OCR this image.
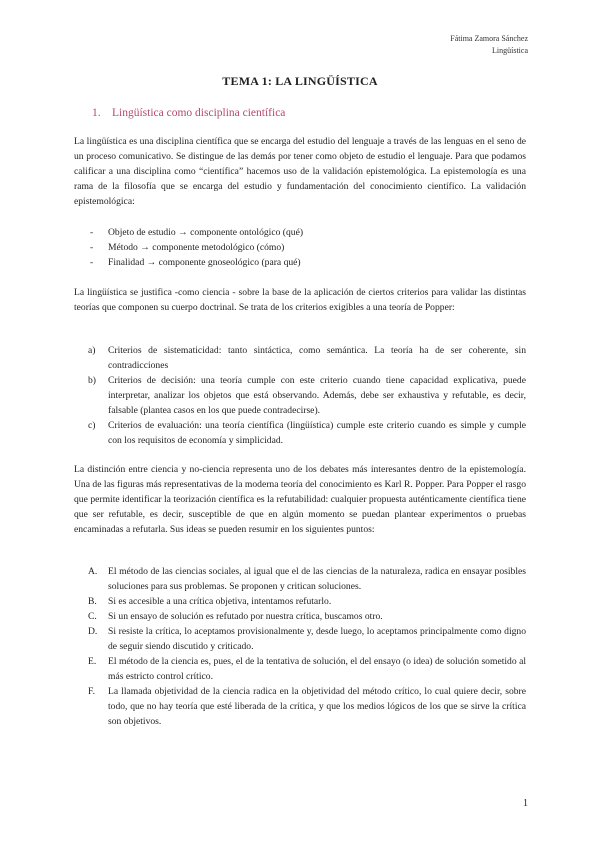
Fátima Zamora Sánchez
Lingüística
TEMA 1: LA LINGÜÍSTICA
1. Lingüística como disciplina científica

La lingüística es una disciplina científica que se encarga del estudio del lenguaje a través de las lenguas en el seno de un proceso comunicativo. Se distingue de las demás por tener como objeto de estudio el lenguaje. Para que podamos calificar a una disciplina como “científica” hacemos uso de la validación epistemológica. La epistemología es una rama de la filosofía que se encarga del estudio y fundamentación del conocimiento científico. La validación epistemológica:

- Objeto de estudio → componente ontológico (qué)
- Método → componente metodológico (cómo)
- Finalidad → componente gnoseológico (para qué)

La lingüística se justifica -como ciencia - sobre la base de la aplicación de ciertos criterios para validar las distintas teorías que componen su cuerpo doctrinal. Se trata de los criterios exigibles a una teoría de Popper:

a) Criterios de sistematicidad: tanto sintáctica, como semántica. La teoría ha de ser coherente, sin contradicciones
b) Criterios de decisión: una teoría cumple con este criterio cuando tiene capacidad explicativa, puede interpretar, analizar los objetos que está observando. Además, debe ser exhaustiva y refutable, es decir, falsable (plantea casos en los que puede contradecirse).
c) Criterios de evaluación: una teoría científica (lingüística) cumple este criterio cuando es simple y cumple con los requisitos de economía y simplicidad.

La distinción entre ciencia y no-ciencia representa uno de los debates más interesantes dentro de la epistemología. Una de las figuras más representativas de la moderna teoría del conocimiento es Karl R. Popper. Para Popper el rasgo que permite identificar la teorización científica es la refutabilidad: cualquier propuesta auténticamente científica tiene que ser refutable, es decir, susceptible de que en algún momento se puedan plantear experimentos o pruebas encaminadas a refutarla. Sus ideas se pueden resumir en los siguientes puntos:

A. El método de las ciencias sociales, al igual que el de las ciencias de la naturaleza, radica en ensayar posibles soluciones para sus problemas. Se proponen y critican soluciones.
B. Si es accesible a una crítica objetiva, intentamos refutarlo.
C. Si un ensayo de solución es refutado por nuestra crítica, buscamos otro.
D. Si resiste la crítica, lo aceptamos provisionalmente y, desde luego, lo aceptamos principalmente como digno de seguir siendo discutido y criticado.
E. El método de la ciencia es, pues, el de la tentativa de solución, el del ensayo (o idea) de solución sometido al más estricto control crítico.
F. La llamada objetividad de la ciencia radica en la objetividad del método crítico, lo cual quiere decir, sobre todo, que no hay teoría que esté liberada de la crítica, y que los medios lógicos de los que se sirve la crítica son objetivos.
1
